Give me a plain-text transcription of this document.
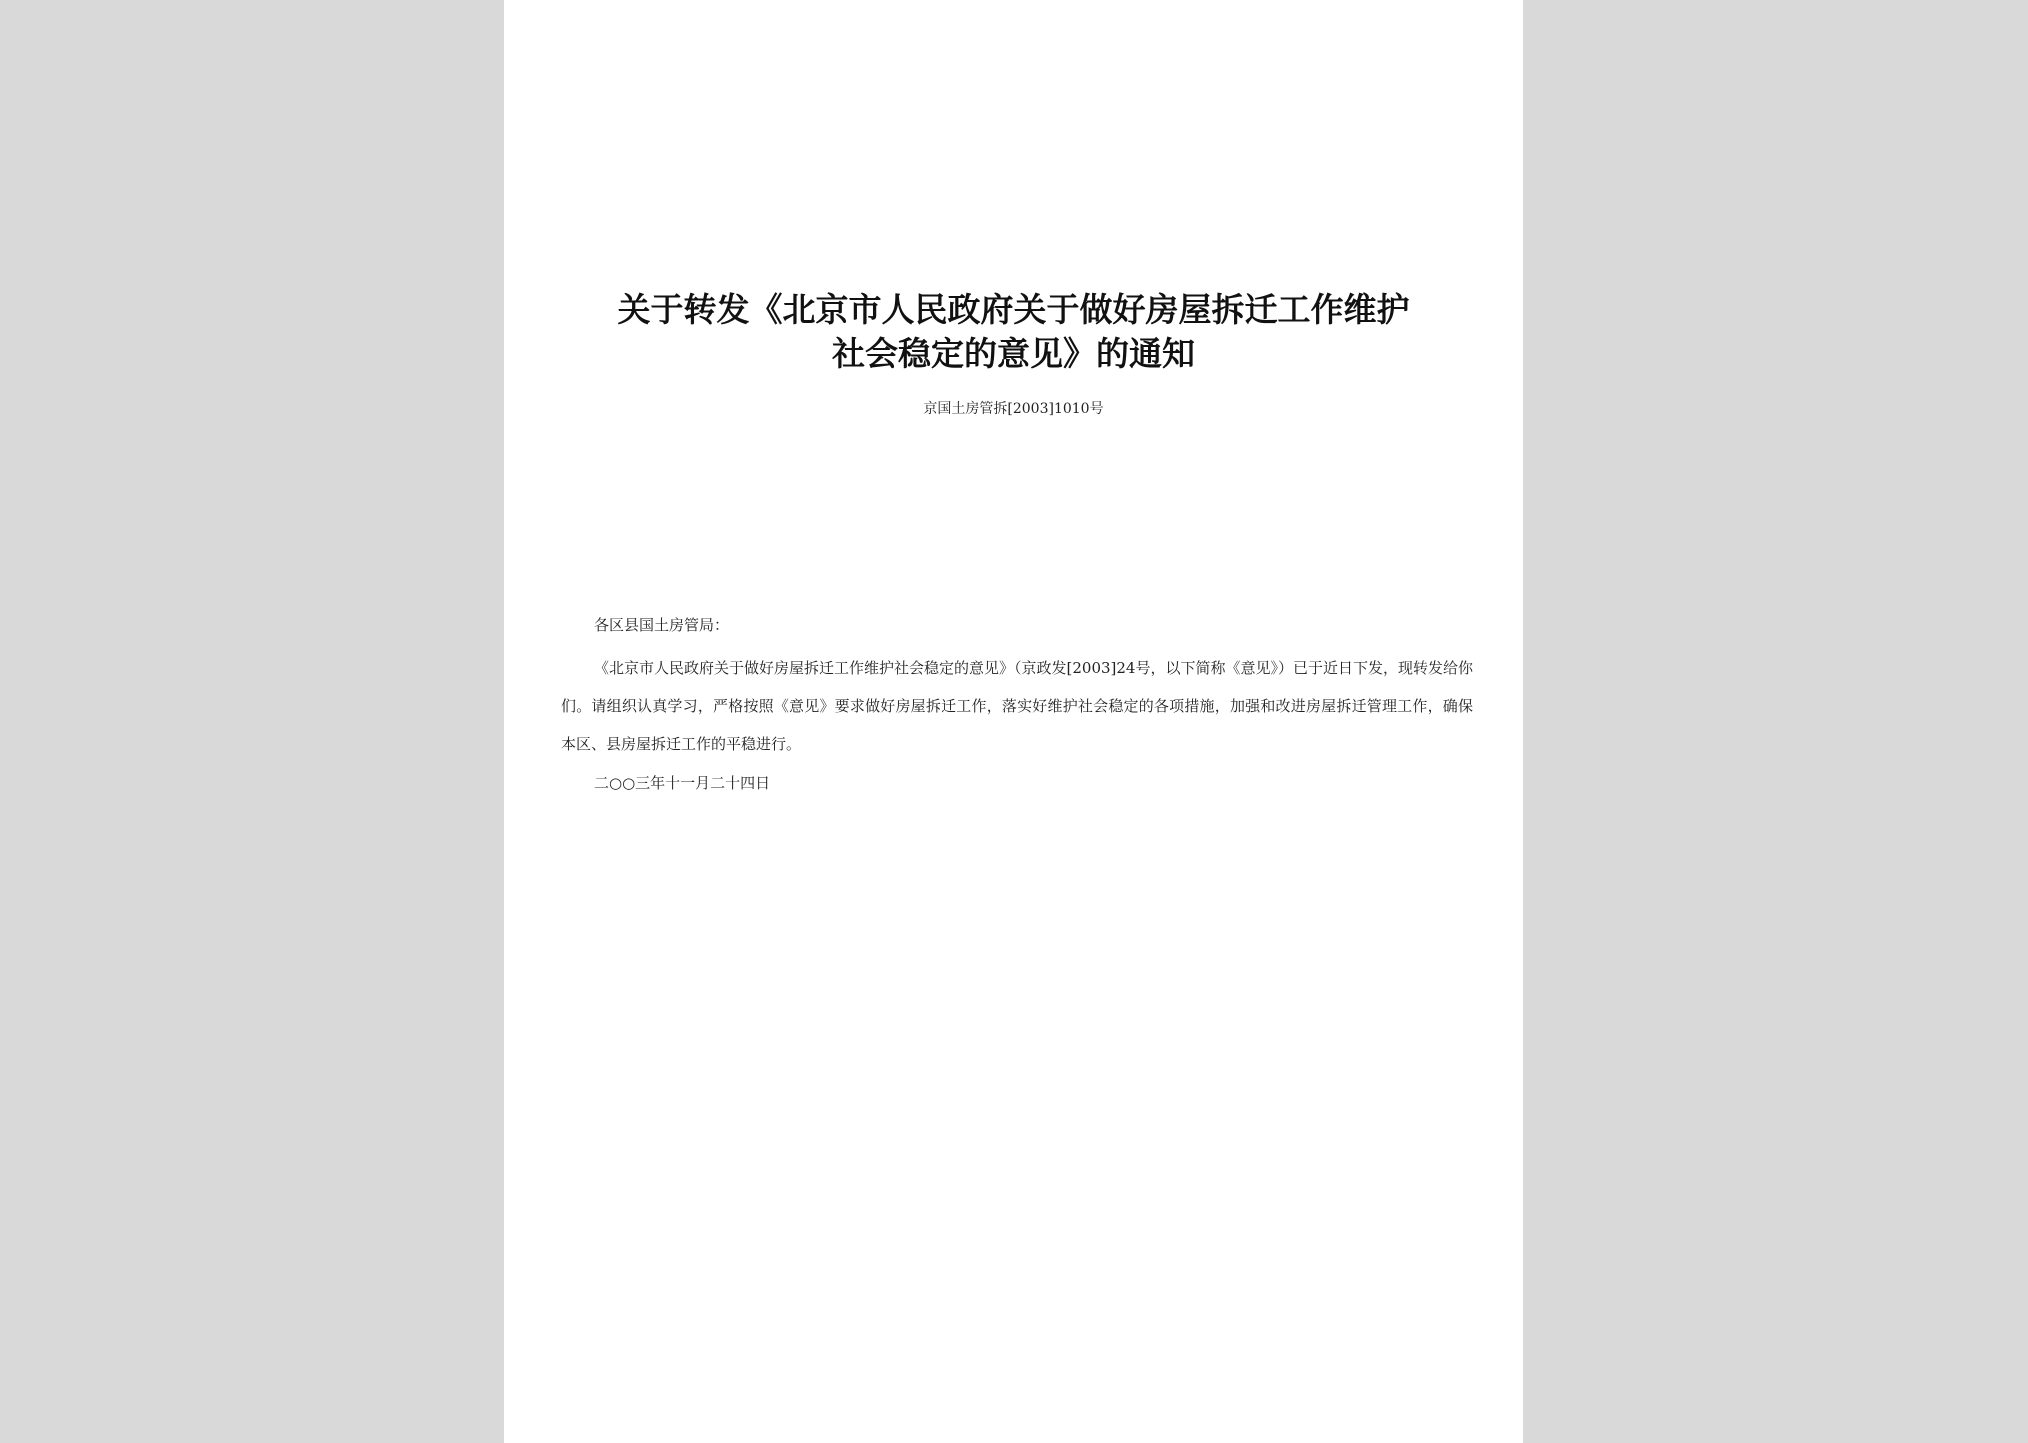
关于转发《北京市人民政府关于做好房屋拆迁工作维护
社会稳定的意见》的通知
京国土房管拆[2003]1010号
各区县国土房管局：
《北京市人民政府关于做好房屋拆迁工作维护社会稳定的意见》（京政发[2003]24号，以下简称《意见》）已于近日下发，现转发给你们。请组织认真学习，严格按照《意见》要求做好房屋拆迁工作，落实好维护社会稳定的各项措施，加强和改进房屋拆迁管理工作，确保本区、县房屋拆迁工作的平稳进行。
二○○三年十一月二十四日
